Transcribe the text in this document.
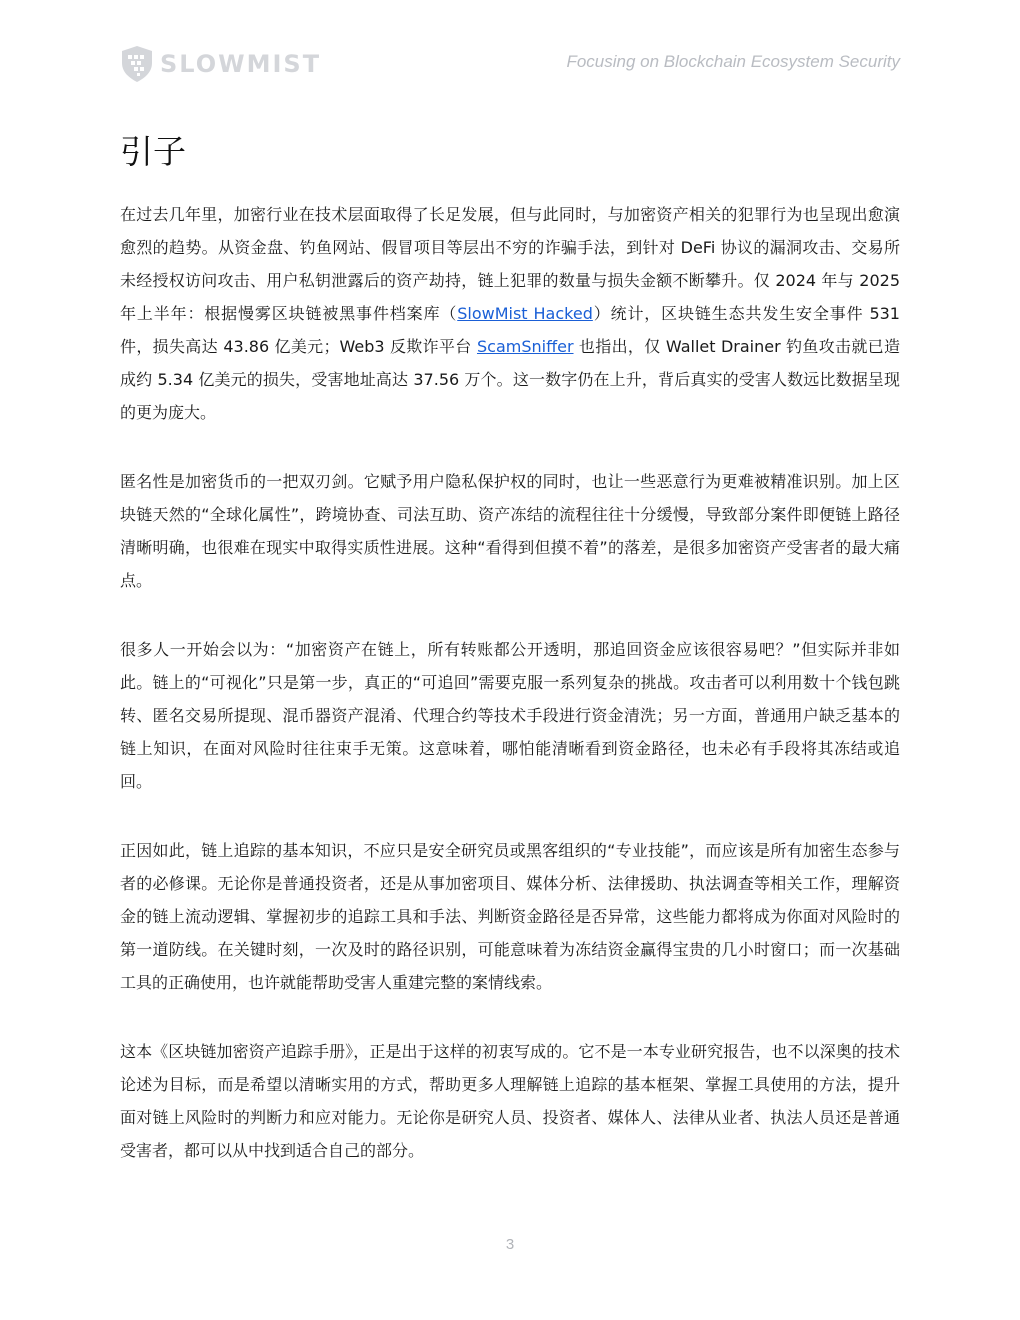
SLOWMIST	Focusing on Blockchain Ecosystem Security
引子

在过去几年里，加密行业在技术层面取得了长足发展，但与此同时，与加密资产相关的犯罪行为也呈现出愈演愈烈的趋势。从资金盘、钓鱼网站、假冒项目等层出不穷的诈骗手法，到针对 DeFi 协议的漏洞攻击、交易所未经授权访问攻击、用户私钥泄露后的资产劫持，链上犯罪的数量与损失金额不断攀升。仅 2024 年与 2025 年上半年：根据慢雾区块链被黑事件档案库（SlowMist Hacked）统计，区块链生态共发生安全事件 531 件，损失高达 43.86 亿美元；Web3 反欺诈平台 ScamSniffer 也指出，仅 Wallet Drainer 钓鱼攻击就已造成约 5.34 亿美元的损失，受害地址高达 37.56 万个。这一数字仍在上升，背后真实的受害人数远比数据呈现的更为庞大。

匿名性是加密货币的一把双刃剑。它赋予用户隐私保护权的同时，也让一些恶意行为更难被精准识别。加上区块链天然的“全球化属性”，跨境协查、司法互助、资产冻结的流程往往十分缓慢，导致部分案件即便链上路径清晰明确，也很难在现实中取得实质性进展。这种“看得到但摸不着”的落差，是很多加密资产受害者的最大痛点。

很多人一开始会以为：“加密资产在链上，所有转账都公开透明，那追回资金应该很容易吧？”但实际并非如此。链上的“可视化”只是第一步，真正的“可追回”需要克服一系列复杂的挑战。攻击者可以利用数十个钱包跳转、匿名交易所提现、混币器资产混淆、代理合约等技术手段进行资金清洗；另一方面，普通用户缺乏基本的链上知识，在面对风险时往往束手无策。这意味着，哪怕能清晰看到资金路径，也未必有手段将其冻结或追回。

正因如此，链上追踪的基本知识，不应只是安全研究员或黑客组织的“专业技能”，而应该是所有加密生态参与者的必修课。无论你是普通投资者，还是从事加密项目、媒体分析、法律援助、执法调查等相关工作，理解资金的链上流动逻辑、掌握初步的追踪工具和手法、判断资金路径是否异常，这些能力都将成为你面对风险时的第一道防线。在关键时刻，一次及时的路径识别，可能意味着为冻结资金赢得宝贵的几小时窗口；而一次基础工具的正确使用，也许就能帮助受害人重建完整的案情线索。

这本《区块链加密资产追踪手册》，正是出于这样的初衷写成的。它不是一本专业研究报告，也不以深奥的技术论述为目标，而是希望以清晰实用的方式，帮助更多人理解链上追踪的基本框架、掌握工具使用的方法，提升面对链上风险时的判断力和应对能力。无论你是研究人员、投资者、媒体人、法律从业者、执法人员还是普通受害者，都可以从中找到适合自己的部分。

3
